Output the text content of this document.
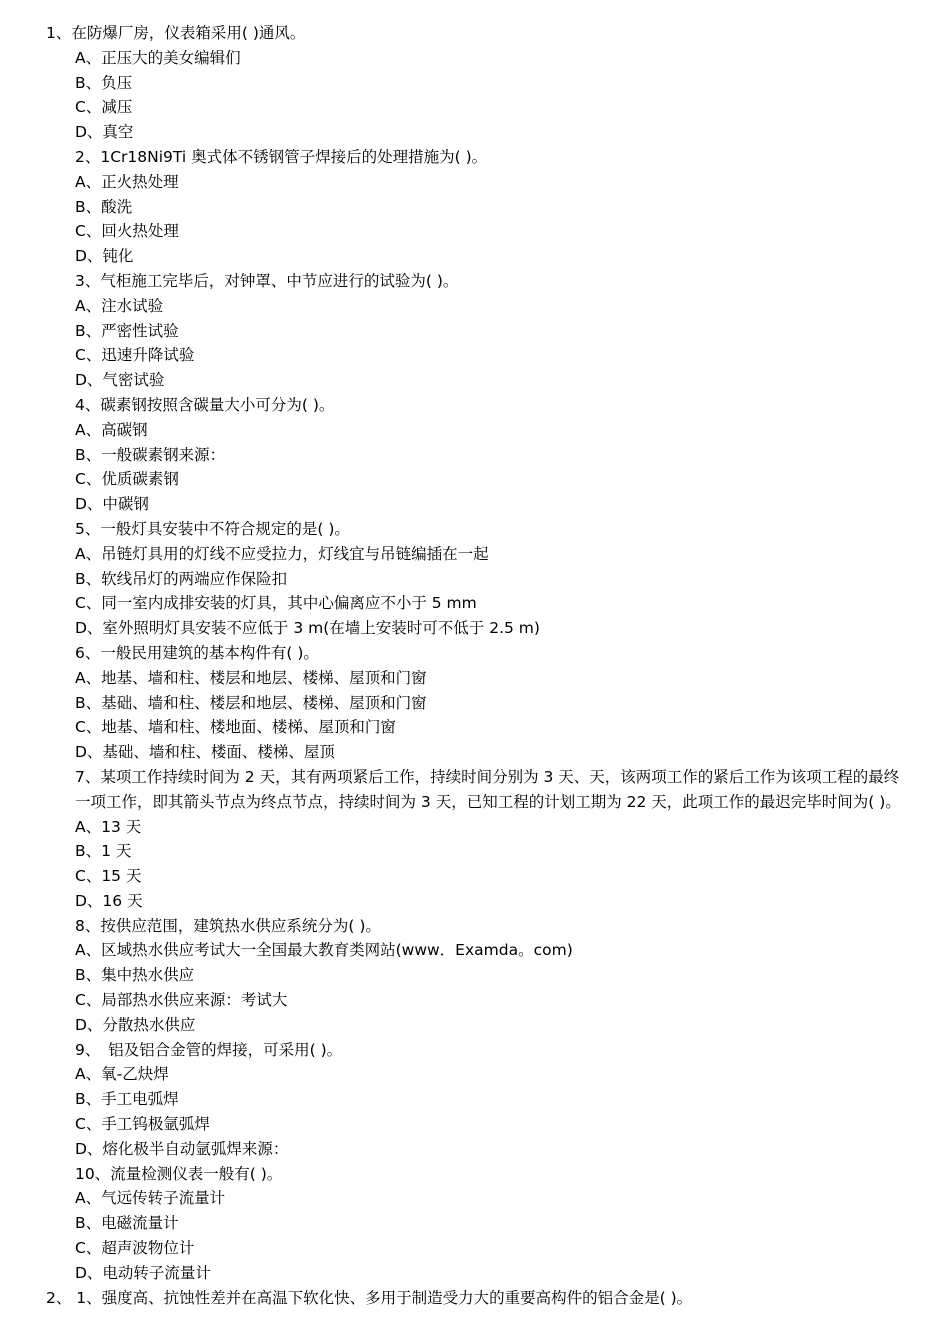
1、在防爆厂房，仪表箱采用( )通风。
A、正压大的美女编辑们
B、负压
C、减压
D、真空
2、1Cr18Ni9Ti 奥式体不锈钢管子焊接后的处理措施为( )。
A、正火热处理
B、酸洗
C、回火热处理
D、钝化
3、气柜施工完毕后，对钟罩、中节应进行的试验为( )。
A、注水试验
B、严密性试验
C、迅速升降试验
D、气密试验
4、碳素钢按照含碳量大小可分为( )。
A、高碳钢
B、一般碳素钢来源：
C、优质碳素钢
D、中碳钢
5、一般灯具安装中不符合规定的是( )。
A、吊链灯具用的灯线不应受拉力，灯线宜与吊链编插在一起
B、软线吊灯的两端应作保险扣
C、同一室内成排安装的灯具，其中心偏离应不小于 5 mm
D、室外照明灯具安装不应低于 3 m(在墙上安装时可不低于 2.5 m)
6、一般民用建筑的基本构件有( )。
A、地基、墙和柱、楼层和地层、楼梯、屋顶和门窗
B、基础、墙和柱、楼层和地层、楼梯、屋顶和门窗
C、地基、墙和柱、楼地面、楼梯、屋顶和门窗
D、基础、墙和柱、楼面、楼梯、屋顶
7、某项工作持续时间为 2 天，其有两项紧后工作，持续时间分别为 3 天、天，该两项工作的紧后工作为该项工程的最终一项工作，即其箭头节点为终点节点，持续时间为 3 天，已知工程的计划工期为 22 天，此项工作的最迟完毕时间为( )。
A、13 天
B、1 天
C、15 天
D、16 天
8、按供应范围，建筑热水供应系统分为( )。
A、区域热水供应考试大一全国最大教育类网站(www．Examda。com)
B、集中热水供应
C、局部热水供应来源：考试大
D、分散热水供应
9、　铝及铝合金管的焊接，可采用( )。
A、氧-乙炔焊
B、手工电弧焊
C、手工钨极氩弧焊
D、熔化极半自动氩弧焊来源：
10、流量检测仪表一般有( )。
A、气远传转子流量计
B、电磁流量计
C、超声波物位计
D、电动转子流量计
2、 1、强度高、抗蚀性差并在高温下软化快、多用于制造受力大的重要高构件的铝合金是( )。
